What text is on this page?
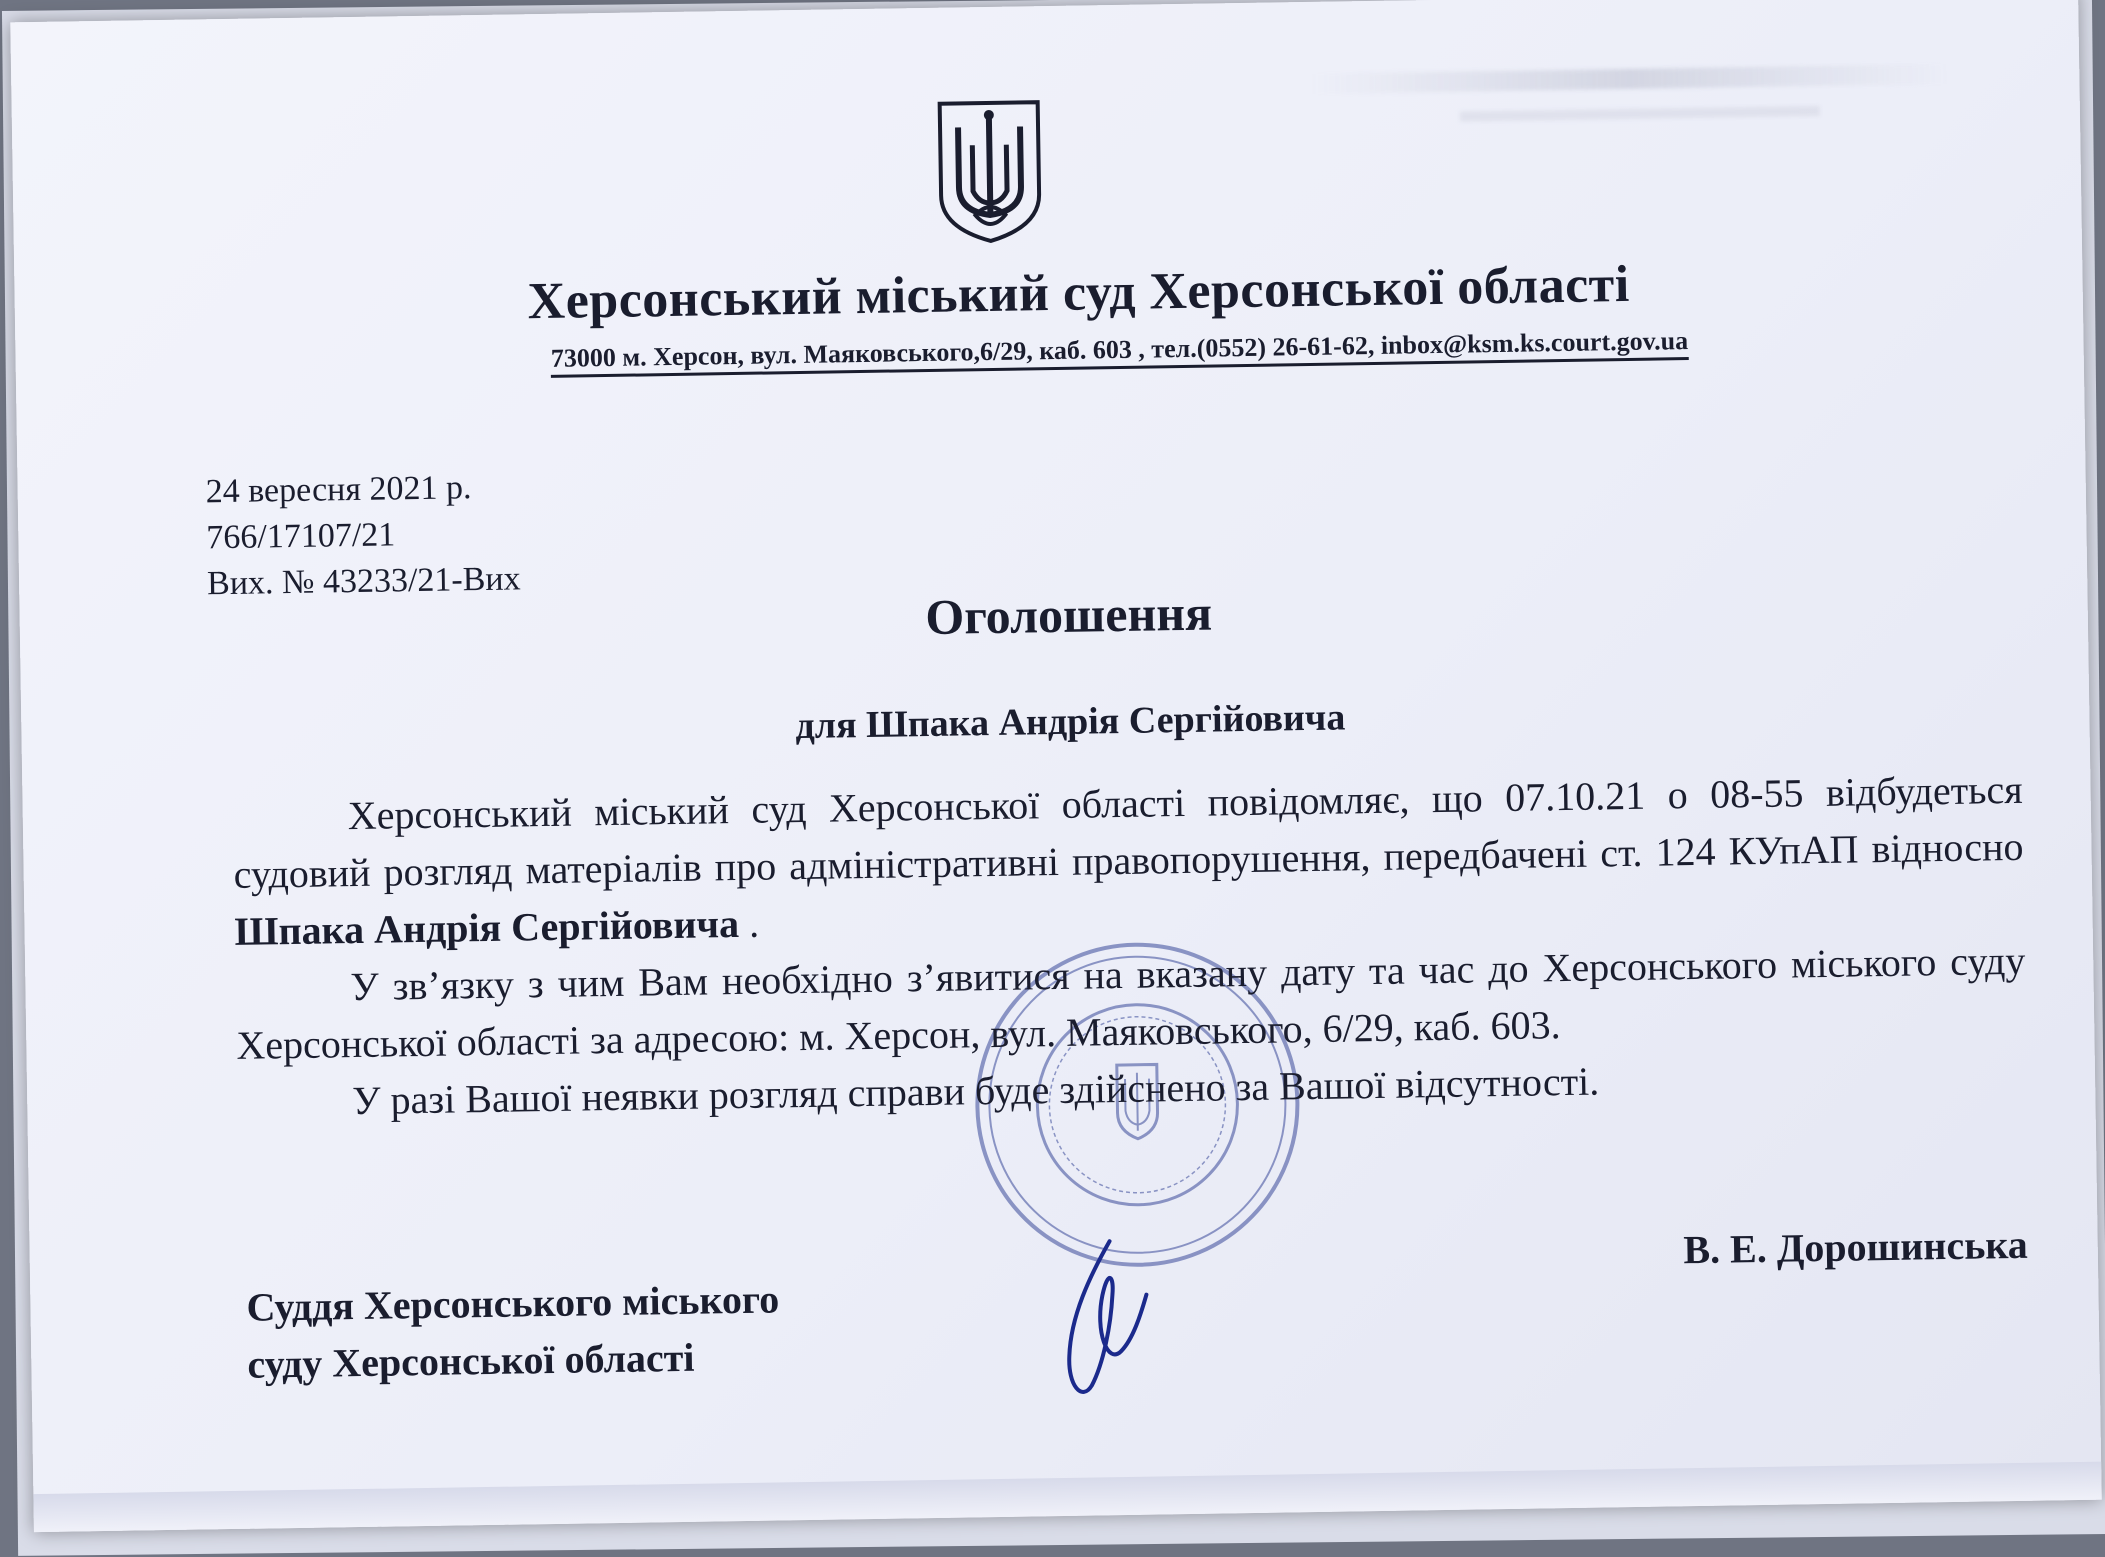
Херсонський міський суд Херсонської області
73000 м. Херсон, вул. Маяковського,6/29, каб. 603 , тел.(0552) 26-61-62, inbox@ksm.ks.court.gov.ua
24 вересня 2021 р.
766/17107/21
Вих. № 43233/21-Вих
Оголошення
для Шпака Андрія Сергійовича

Херсонський міський суд Херсонської області повідомляє, що 07.10.21 о 08-55 відбудеться судовий розгляд матеріалів про адміністративні правопорушення, передбачені ст. 124 КУпАП відносно Шпака Андрія Сергійовича .

У зв’язку з чим Вам необхідно з’явитися на вказану дату та час до Херсонського міського суду Херсонської області за адресою: м. Херсон, вул. Маяковського, 6/29, каб. 603.

У разі Вашої неявки розгляд справи буде здійснено за Вашої відсутності.

Суддя Херсонського міського
суду Херсонської області
В. Е. Дорошинська
